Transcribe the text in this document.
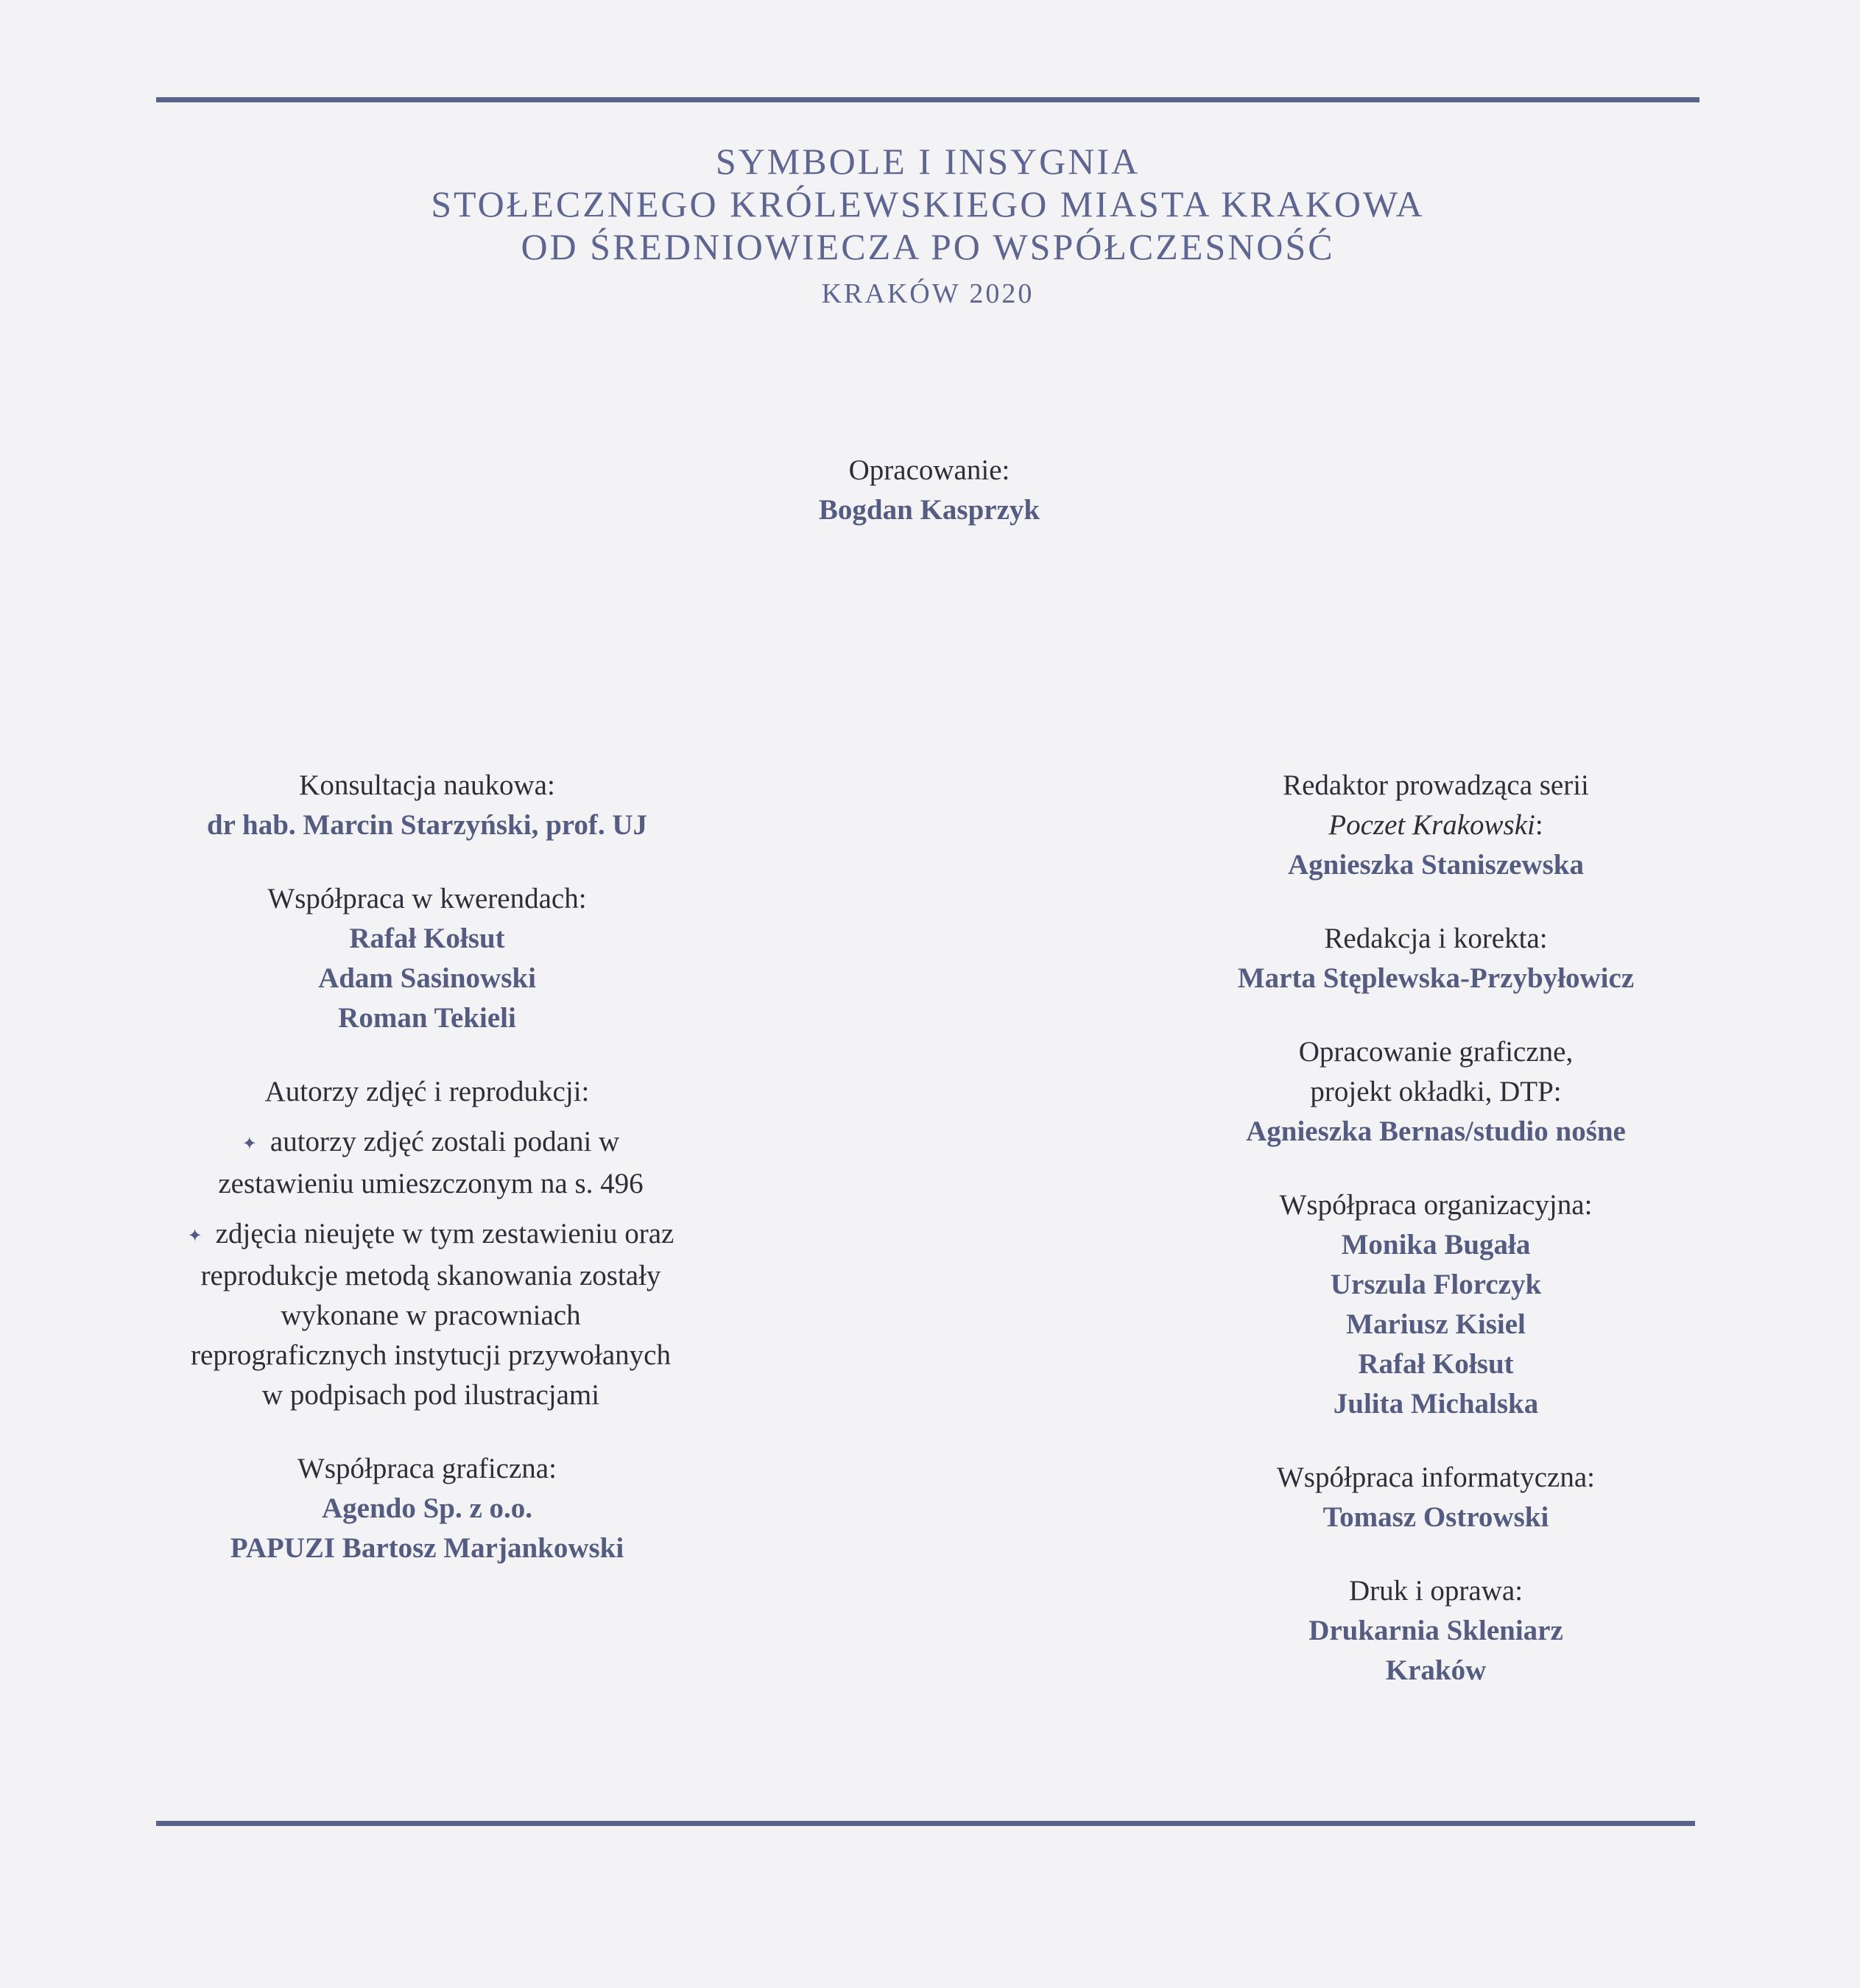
SYMBOLE I INSYGNIA
STOŁECZNEGO KRÓLEWSKIEGO MIASTA KRAKOWA
OD ŚREDNIOWIECZA PO WSPÓŁCZESNOŚĆ
KRAKÓW 2020
Opracowanie:
Bogdan Kasprzyk
Konsultacja naukowa:
dr hab. Marcin Starzyński, prof. UJ
Współpraca w kwerendach:
Rafał Kołsut
Adam Sasinowski
Roman Tekieli
Autorzy zdjęć i reprodukcji:
✦ autorzy zdjęć zostali podani w zestawieniu umieszczonym na s. 496
✦ zdjęcia nieujęte w tym zestawieniu oraz reprodukcje metodą skanowania zostały wykonane w pracowniach reprograficznych instytucji przywołanych w podpisach pod ilustracjami
Współpraca graficzna:
Agendo Sp. z o.o.
PAPUZI Bartosz Marjankowski
Redaktor prowadząca serii
Poczet Krakowski:
Agnieszka Staniszewska
Redakcja i korekta:
Marta Stęplewska-Przybyłowicz
Opracowanie graficzne,
projekt okładki, DTP:
Agnieszka Bernas/studio nośne
Współpraca organizacyjna:
Monika Bugała
Urszula Florczyk
Mariusz Kisiel
Rafał Kołsut
Julita Michalska
Współpraca informatyczna:
Tomasz Ostrowski
Druk i oprawa:
Drukarnia Skleniarz
Kraków
